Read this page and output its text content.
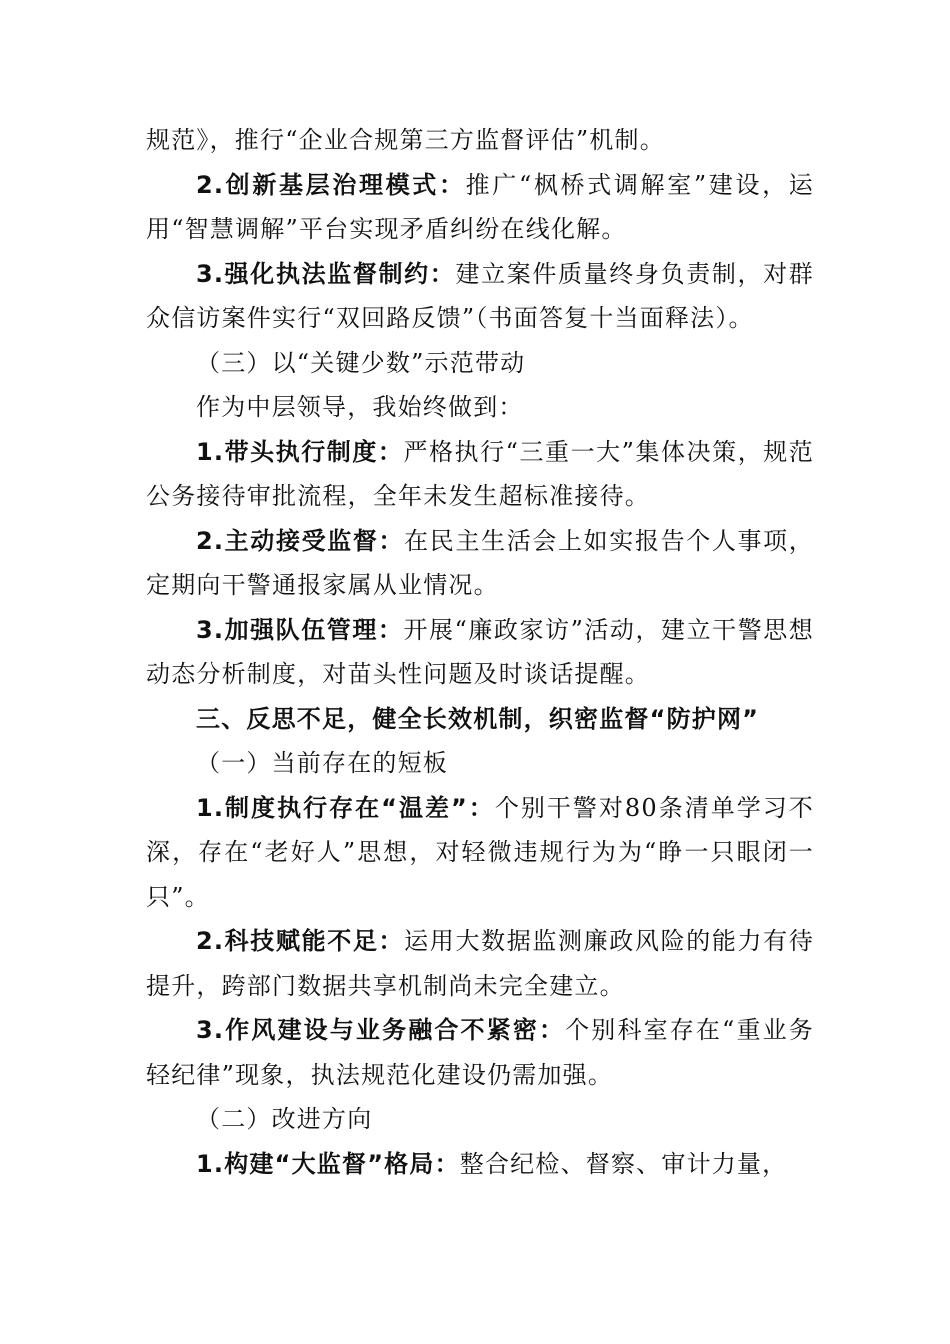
规范》，推行“企业合规第三方监督评估”机制。

2.创新基层治理模式：推广“枫桥式调解室”建设，运用“智慧调解”平台实现矛盾纠纷在线化解。

3.强化执法监督制约：建立案件质量终身负责制，对群众信访案件实行“双回路反馈”（书面答复十当面释法）。

（三）以“关键少数”示范带动

作为中层领导，我始终做到：

1.带头执行制度：严格执行“三重一大”集体决策，规范公务接待审批流程，全年未发生超标准接待。

2.主动接受监督：在民主生活会上如实报告个人事项，定期向干警通报家属从业情况。

3.加强队伍管理：开展“廉政家访”活动，建立干警思想动态分析制度，对苗头性问题及时谈话提醒。

三、反思不足，健全长效机制，织密监督“防护网”

（一）当前存在的短板

1.制度执行存在“温差”：个别干警对80条清单学习不深，存在“老好人”思想，对轻微违规行为为“睁一只眼闭一只”。

2.科技赋能不足：运用大数据监测廉政风险的能力有待提升，跨部门数据共享机制尚未完全建立。

3.作风建设与业务融合不紧密：个别科室存在“重业务轻纪律”现象，执法规范化建设仍需加强。

（二）改进方向

1.构建“大监督”格局：整合纪检、督察、审计力量，
